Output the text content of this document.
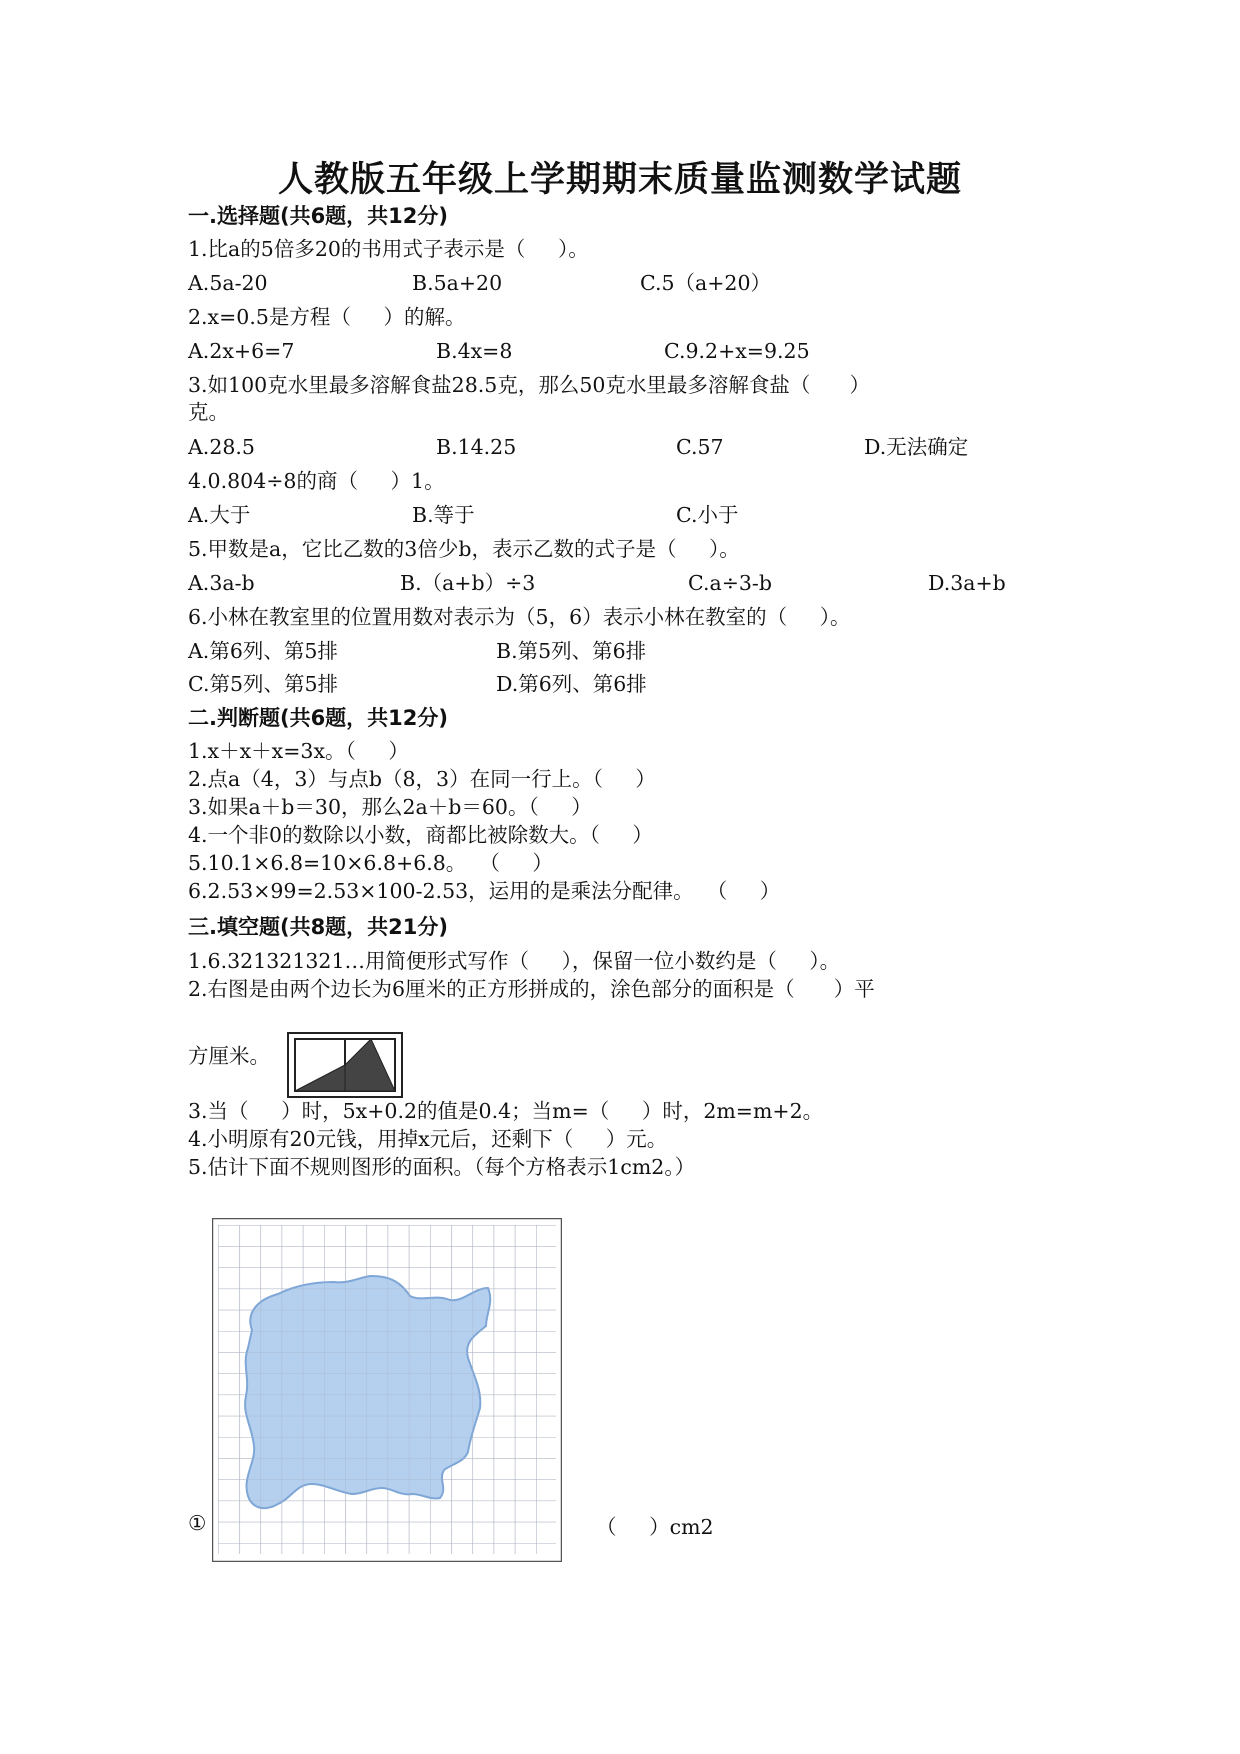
人教版五年级上学期期末质量监测数学试题
一.选择题(共6题，共12分)
1.比a的5倍多20的书用式子表示是（     ）。
A.5a-20	B.5a+20	C.5（a+20）
2.x=0.5是方程（     ）的解。
A.2x+6=7	B.4x=8	C.9.2+x=9.25
3.如100克水里最多溶解食盐28.5克，那么50克水里最多溶解食盐（      ）
克。
A.28.5	B.14.25	C.57	D.无法确定
4.0.804÷8的商（     ）1。
A.大于	B.等于	C.小于
5.甲数是a，它比乙数的3倍少b，表示乙数的式子是（     ）。
A.3a-b	B.（a+b）÷3	C.a÷3-b	D.3a+b
6.小林在教室里的位置用数对表示为（5，6）表示小林在教室的（     ）。
A.第6列、第5排	B.第5列、第6排
C.第5列、第5排	D.第6列、第6排
二.判断题(共6题，共12分)
1.x＋x＋x=3x。（     ）
2.点a（4，3）与点b（8，3）在同一行上。（     ）
3.如果a＋b＝30，那么2a＋b＝60。（     ）
4.一个非0的数除以小数，商都比被除数大。（     ）
5.10.1×6.8=10×6.8+6.8。  （     ）
6.2.53×99=2.53×100-2.53，运用的是乘法分配律。  （     ）
三.填空题(共8题，共21分)
1.6.321321321…用简便形式写作（     ），保留一位小数约是（     ）。
2.右图是由两个边长为6厘米的正方形拼成的，涂色部分的面积是（      ）平
方厘米。
3.当（     ）时，5x+0.2的值是0.4；当m=（     ）时，2m=m+2。
4.小明原有20元钱，用掉x元后，还剩下（     ）元。
5.估计下面不规则图形的面积。（每个方格表示1cm2。）
①	（     ）cm2
